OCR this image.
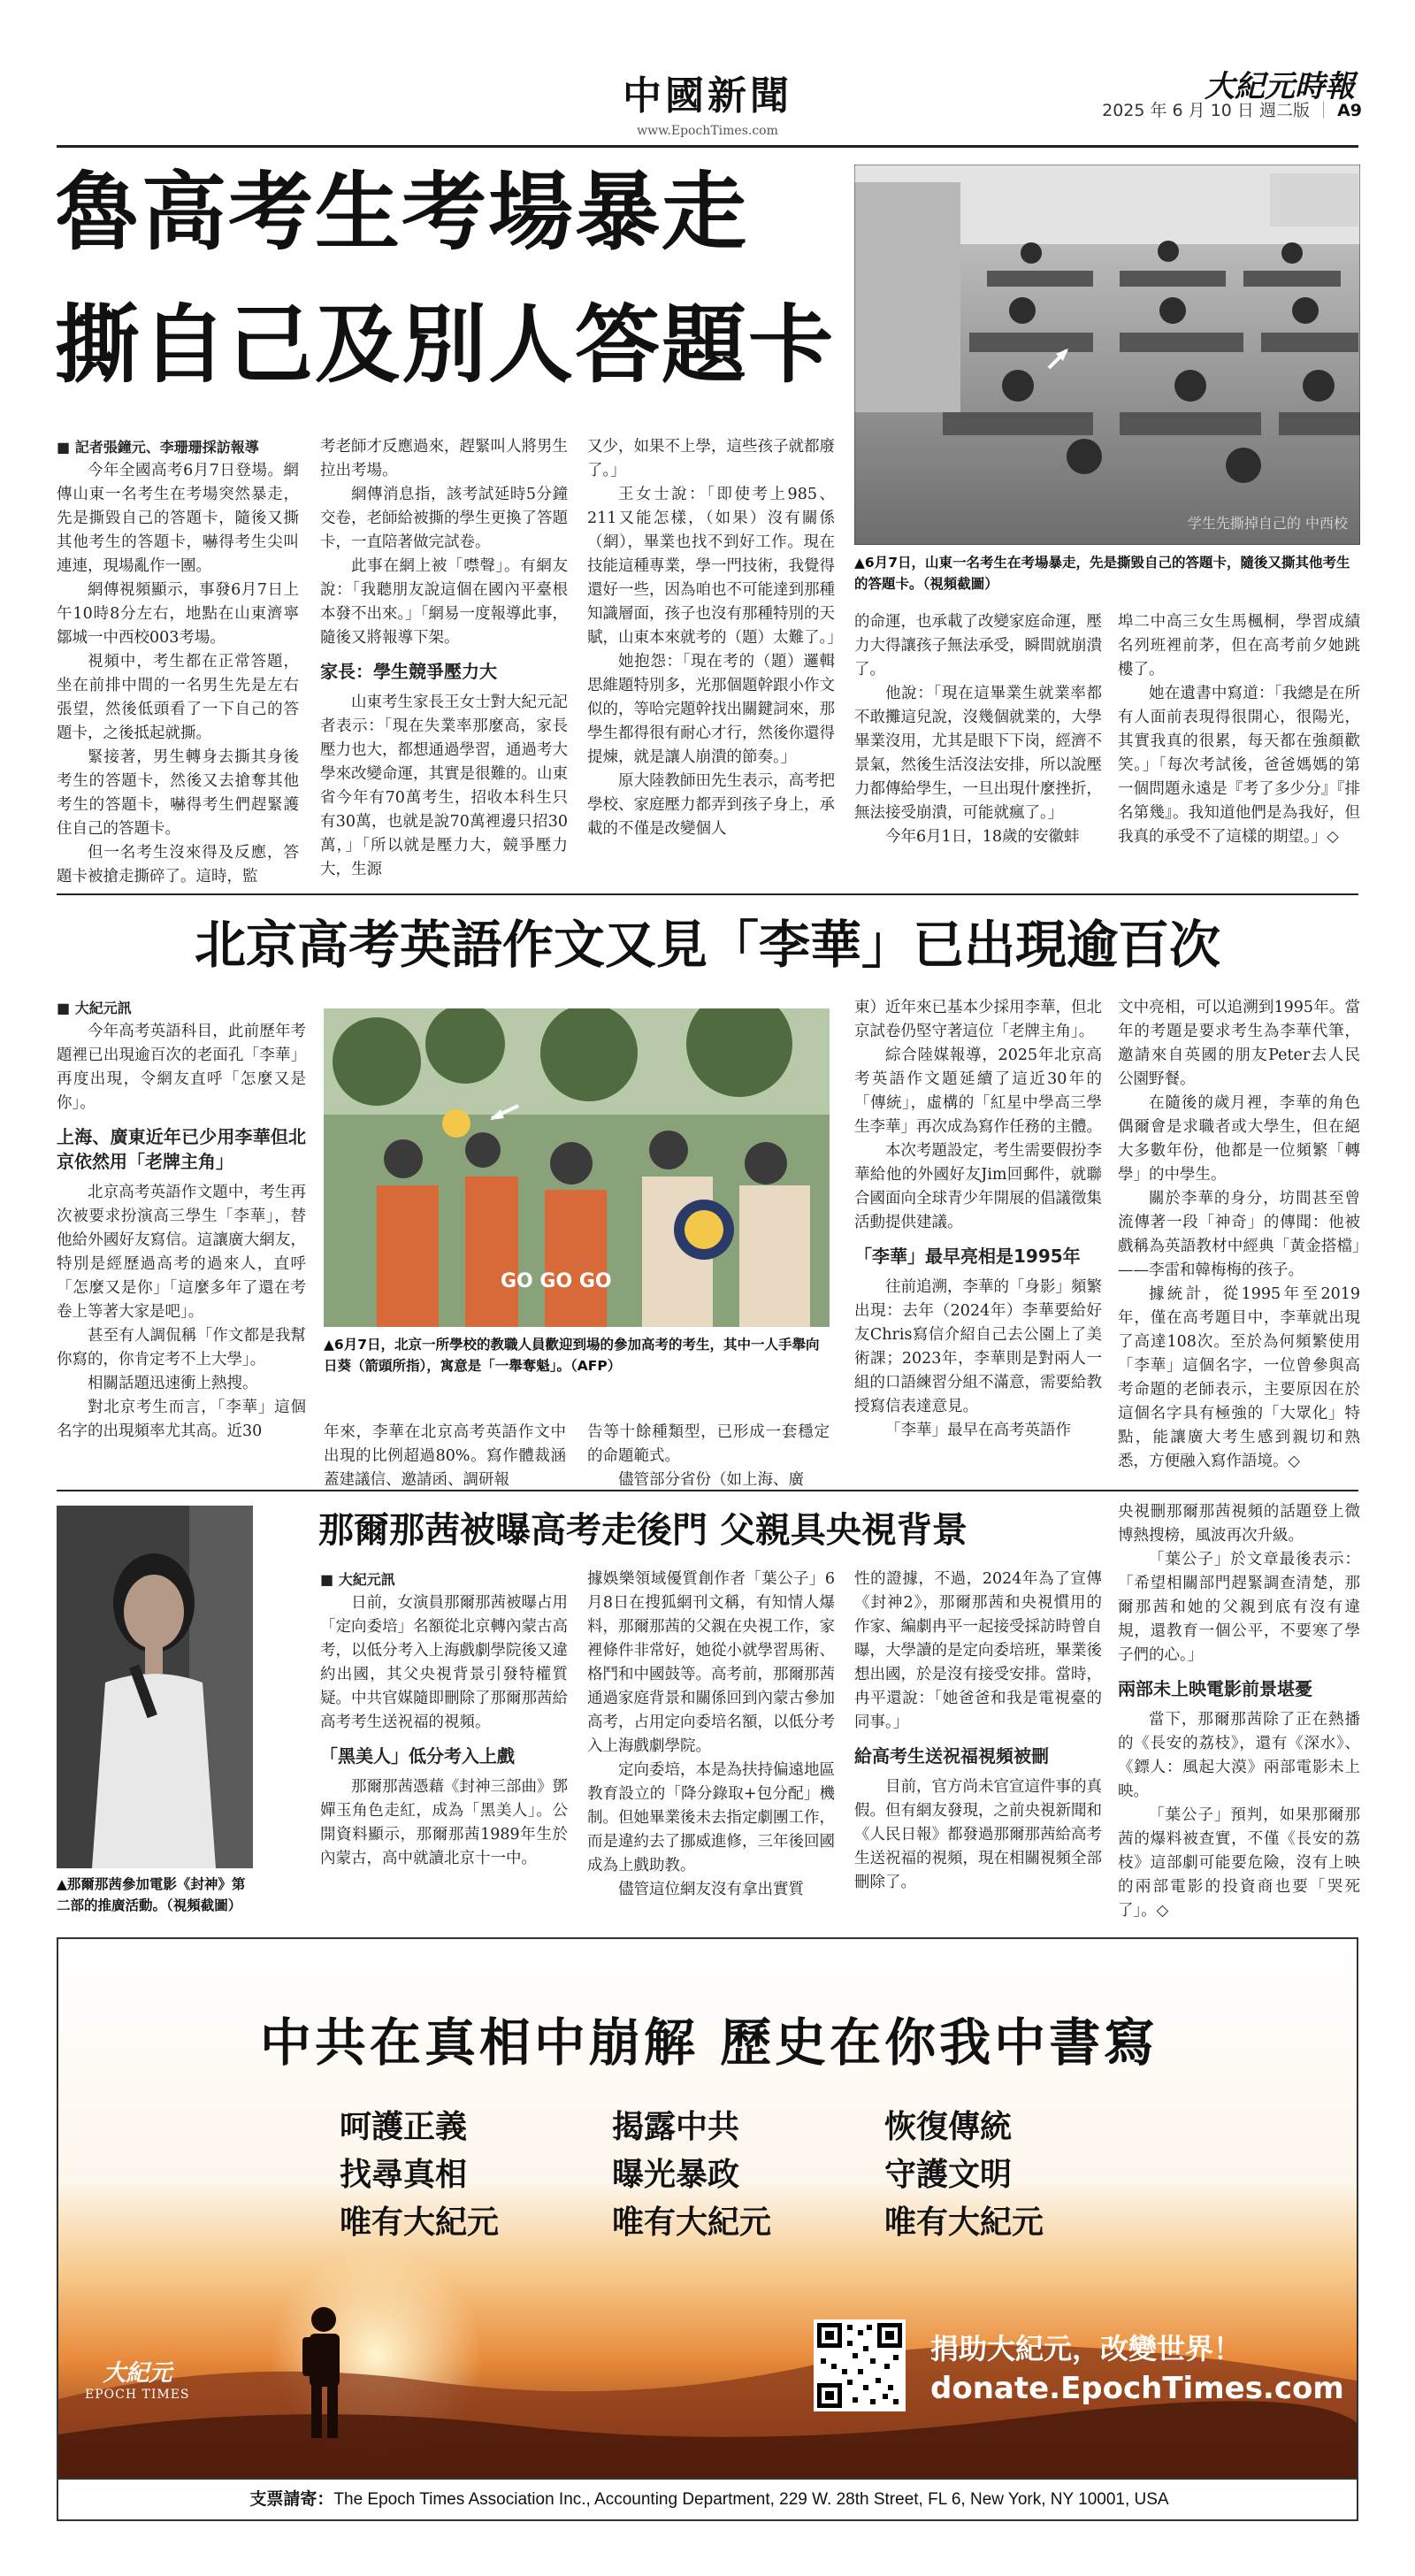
中國新聞
www.EpochTimes.com
大紀元時報
2025 年 6 月 10 日 週二版 ｜ A9
魯高考生考場暴走
撕自己及別人答題卡
学生先撕掉自己的 中西校
▲6月7日，山東一名考生在考場暴走，先是撕毀自己的答題卡，隨後又撕其他考生的答題卡。（視頻截圖）

■ 記者張鐘元、李珊珊採訪報導

今年全國高考6月7日登場。網傳山東一名考生在考場突然暴走，先是撕毀自己的答題卡，隨後又撕其他考生的答題卡，嚇得考生尖叫連連，現場亂作一團。

網傳視頻顯示，事發6月7日上午10時8分左右，地點在山東濟寧鄒城一中西校003考場。

視頻中，考生都在正常答題，坐在前排中間的一名男生先是左右張望，然後低頭看了一下自己的答題卡，之後抵起就撕。

緊接著，男生轉身去撕其身後考生的答題卡，然後又去搶奪其他考生的答題卡，嚇得考生們趕緊護住自己的答題卡。

但一名考生沒來得及反應，答題卡被搶走撕碎了。這時，監

考老師才反應過來，趕緊叫人將男生拉出考場。

網傳消息指，該考試延時5分鐘交卷，老師給被撕的學生更換了答題卡，一直陪著做完試卷。

此事在網上被「噤聲」。有網友說：「我聽朋友說這個在國內平臺根本發不出來。」「網易一度報導此事，隨後又將報導下架。

家長：學生競爭壓力大

山東考生家長王女士對大紀元記者表示：「現在失業率那麼高，家長壓力也大，都想通過學習，通過考大學來改變命運，其實是很難的。山東省今年有70萬考生，招收本科生只有30萬，也就是說70萬裡邊只招30萬，」「所以就是壓力大，競爭壓力大，生源

又少，如果不上學，這些孩子就都廢了。」

王女士說：「即使考上985、211又能怎樣，（如果）沒有關係（網），畢業也找不到好工作。現在技能這種專業，學一門技術，我覺得還好一些，因為咱也不可能達到那種知識層面，孩子也沒有那種特別的天賦，山東本來就考的（題）太難了。」

她抱怨：「現在考的（題）邏輯思維題特別多，光那個題幹跟小作文似的，等哈完題幹找出關鍵詞來，那學生都得很有耐心才行，然後你還得提煉，就是讓人崩潰的節奏。」

原大陸教師田先生表示，高考把學校、家庭壓力都弄到孩子身上，承載的不僅是改變個人

的命運，也承載了改變家庭命運，壓力大得讓孩子無法承受，瞬間就崩潰了。

他說：「現在這畢業生就業率都不敢攤這兒說，沒幾個就業的，大學畢業沒用，尤其是眼下下岗，經濟不景氣，然後生活沒法安排，所以說壓力都傳給學生，一旦出現什麼挫折，無法接受崩潰，可能就瘋了。」

今年6月1日，18歲的安徽蚌

埠二中高三女生馬楓桐，學習成績名列班裡前茅，但在高考前夕她跳樓了。

她在遺書中寫道：「我總是在所有人面前表現得很開心，很陽光，其實我真的很累，每天都在強顏歡笑。」「每次考試後，爸爸媽媽的第一個問題永遠是『考了多少分』『排名第幾』。我知道他們是為我好，但我真的承受不了這樣的期望。」◇

北京高考英語作文又見「李華」已出現逾百次

■ 大紀元訊

今年高考英語科目，此前歷年考題裡已出現逾百次的老面孔「李華」再度出現，令網友直呼「怎麼又是你」。

上海、廣東近年已少用李華但北京依然用「老牌主角」

北京高考英語作文題中，考生再次被要求扮演高三學生「李華」，替他給外國好友寫信。這讓廣大網友，特別是經歷過高考的過來人，直呼「怎麼又是你」「這麼多年了還在考卷上等著大家是吧」。

甚至有人調侃稱「作文都是我幫你寫的，你肯定考不上大學」。

相關話題迅速衝上熱搜。

對北京考生而言，「李華」這個名字的出現頻率尤其高。近30

GO GO GO
▲6月7日，北京一所學校的教職人員歡迎到場的參加高考的考生，其中一人手舉向日葵（箭頭所指），寓意是「一舉奪魁」。（AFP）

年來，李華在北京高考英語作文中出現的比例超過80%。寫作體裁涵蓋建議信、邀請函、調研報

告等十餘種類型，已形成一套穩定的命題範式。

儘管部分省份（如上海、廣

東）近年來已基本少採用李華，但北京試卷仍堅守著這位「老牌主角」。

綜合陸媒報導，2025年北京高考英語作文題延續了這近30年的「傳統」，虛構的「紅星中學高三學生李華」再次成為寫作任務的主體。

本次考題設定，考生需要假扮李華給他的外國好友Jim回郵件，就聯合國面向全球青少年開展的倡議徵集活動提供建議。

「李華」最早亮相是1995年

往前追溯，李華的「身影」頻繁出現：去年（2024年）李華要給好友Chris寫信介紹自己去公園上了美術課；2023年，李華則是對兩人一組的口語練習分組不滿意，需要給教授寫信表達意見。

「李華」最早在高考英語作

文中亮相，可以追溯到1995年。當年的考題是要求考生為李華代筆，邀請來自英國的朋友Peter去人民公園野餐。

在隨後的歲月裡，李華的角色偶爾會是求職者或大學生，但在絕大多數年份，他都是一位頻繁「轉學」的中學生。

關於李華的身分，坊間甚至曾流傳著一段「神奇」的傳聞：他被戲稱為英語教材中經典「黃金搭檔」——李雷和韓梅梅的孩子。

據統計，從1995年至2019年，僅在高考題目中，李華就出現了高達108次。至於為何頻繁使用「李華」這個名字，一位曾參與高考命題的老師表示，主要原因在於這個名字具有極強的「大眾化」特點，能讓廣大考生感到親切和熟悉，方便融入寫作語境。◇

▲那爾那茜參加電影《封神》第二部的推廣活動。（視頻截圖）
那爾那茜被曝高考走後門 父親具央視背景

■ 大紀元訊

日前，女演員那爾那茜被曝占用「定向委培」名額從北京轉內蒙古高考，以低分考入上海戲劇學院後又違約出國，其父央視背景引發特權質疑。中共官媒隨即刪除了那爾那茜給高考考生送祝福的視頻。

「黑美人」低分考入上戲

那爾那茜憑藉《封神三部曲》鄧嬋玉角色走紅，成為「黑美人」。公開資料顯示，那爾那茜1989年生於內蒙古，高中就讀北京十一中。

據娛樂領域優質創作者「葉公子」6月8日在搜狐網刊文稱，有知情人爆料，那爾那茜的父親在央視工作，家裡條件非常好，她從小就學習馬術、格鬥和中國鼓等。高考前，那爾那茜通過家庭背景和關係回到內蒙古參加高考，占用定向委培名額，以低分考入上海戲劇學院。

定向委培，本是為扶持偏遠地區教育設立的「降分錄取+包分配」機制。但她畢業後未去指定劇團工作，而是違約去了挪威進修，三年後回國成為上戲助教。

儘管這位網友沒有拿出實質

性的證據，不過，2024年為了宣傳《封神2》，那爾那茜和央視慣用的作家、編劇冉平一起接受採訪時曾自曝，大學讀的是定向委培班，畢業後想出國，於是沒有接受安排。當時，冉平還說：「她爸爸和我是電視臺的同事。」

給高考生送祝福視頻被刪

目前，官方尚未官宣這件事的真假。但有網友發現，之前央視新聞和《人民日報》都發過那爾那茜給高考生送祝福的視頻，現在相關視頻全部刪除了。

央視刪那爾那茜視頻的話題登上微博熱搜榜，風波再次升級。

「葉公子」於文章最後表示：「希望相關部門趕緊調查清楚，那爾那茜和她的父親到底有沒有違規，還教育一個公平，不要寒了學子們的心。」

兩部未上映電影前景堪憂

當下，那爾那茜除了正在熱播的《長安的荔枝》，還有《深水》、《鏢人：風起大漠》兩部電影未上映。

「葉公子」預判，如果那爾那茜的爆料被查實，不僅《長安的荔枝》這部劇可能要危險，沒有上映的兩部電影的投資商也要「哭死了」。◇

中共在真相中崩解 歷史在你我中書寫
呵護正義
找尋真相
唯有大紀元
揭露中共
曝光暴政
唯有大紀元
恢復傳統
守護文明
唯有大紀元
大紀元
EPOCH TIMES
捐助大紀元，改變世界！
donate.EpochTimes.com
支票請寄：The Epoch Times Association Inc., Accounting Department, 229 W. 28th Street, FL 6, New York, NY 10001, USA
